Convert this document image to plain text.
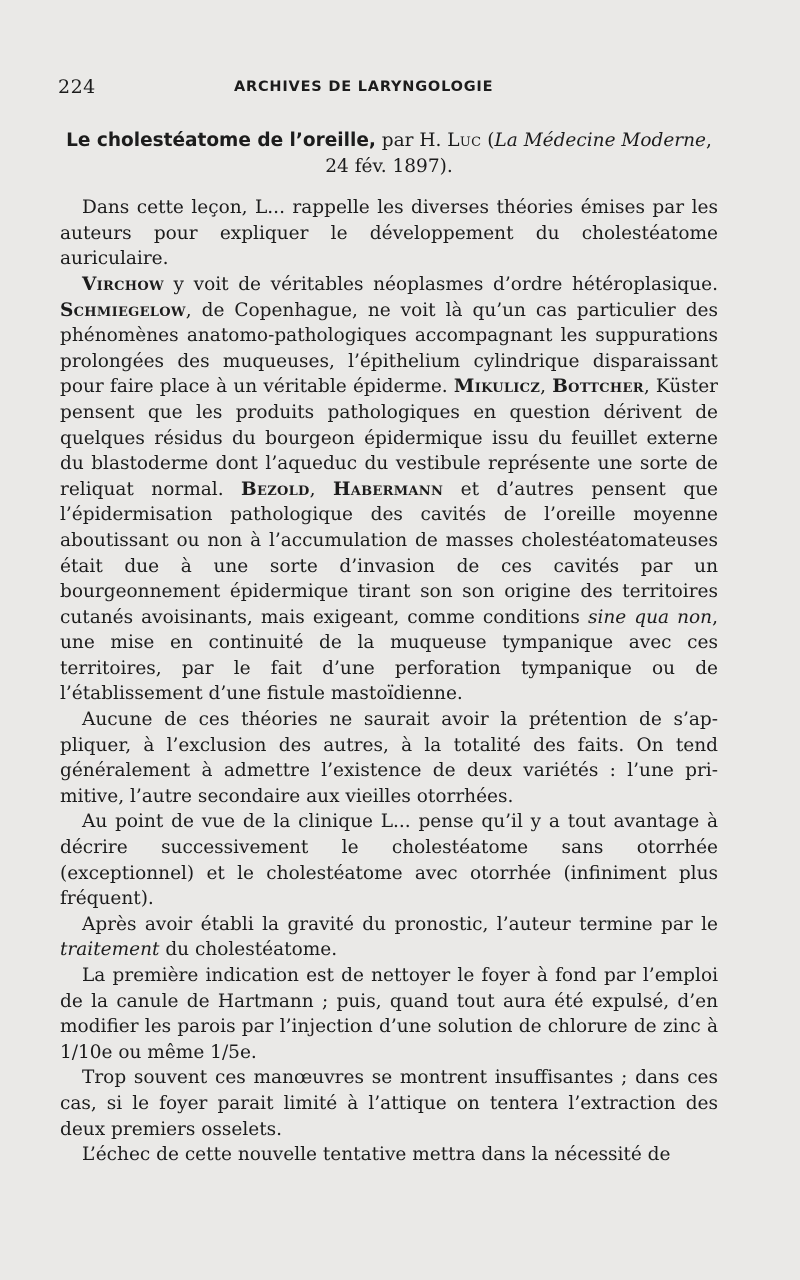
224	ARCHIVES DE LARYNGOLOGIE
Le cholestéatome de l’oreille, par H. Luc (La Médecine Moderne, 24 fév. 1897).

Dans cette leçon, L... rappelle les diverses théories émises par les auteurs pour expliquer le développement du cholestéatome auriculaire.

Virchow y voit de véritables néoplasmes d’ordre hétéroplasique. Schmiegelow, de Copenhague, ne voit là qu’un cas particulier des phénomènes anatomo-pathologiques accompagnant les suppurations prolongées des muqueuses, l’épithelium cylindrique disparaissant pour faire place à un véritable épiderme. Mikulicz, Bottcher, Küster pensent que les produits pathologiques en question dérivent de quelques résidus du bourgeon épidermique issu du feuillet externe du blastoderme dont l’aqueduc du vestibule représente une sorte de reliquat normal. Bezold, Habermann et d’autres pensent que l’épidermisation pathologique des cavités de l’oreille moyenne aboutissant ou non à l’accumulation de masses cholestéatomateuses était due à une sorte d’invasion de ces cavités par un bourgeonnement épidermique tirant son son origine des territoires cutanés avoisinants, mais exigeant, comme conditions sine qua non, une mise en continuité de la muqueuse tympanique avec ces territoires, par le fait d’une perforation tympanique ou de l’établissement d’une fistule mastoïdienne.

Aucune de ces théories ne saurait avoir la prétention de s’appliquer, à l’exclusion des autres, à la totalité des faits. On tend généralement à admettre l’existence de deux variétés : l’une primitive, l’autre secondaire aux vieilles otorrhées.

Au point de vue de la clinique L... pense qu’il y a tout avantage à décrire successivement le cholestéatome sans otorrhée (exceptionnel) et le cholestéatome avec otorrhée (infiniment plus fréquent).

Après avoir établi la gravité du pronostic, l’auteur termine par le traitement du cholestéatome.

La première indication est de nettoyer le foyer à fond par l’emploi de la canule de Hartmann ; puis, quand tout aura été expulsé, d’en modifier les parois par l’injection d’une solution de chlorure de zinc à 1/10e ou même 1/5e.

Trop souvent ces manœuvres se montrent insuffisantes ; dans ces cas, si le foyer parait limité à l’attique on tentera l’extraction des deux premiers osselets.

L’échec de cette nouvelle tentative mettra dans la nécessité de
